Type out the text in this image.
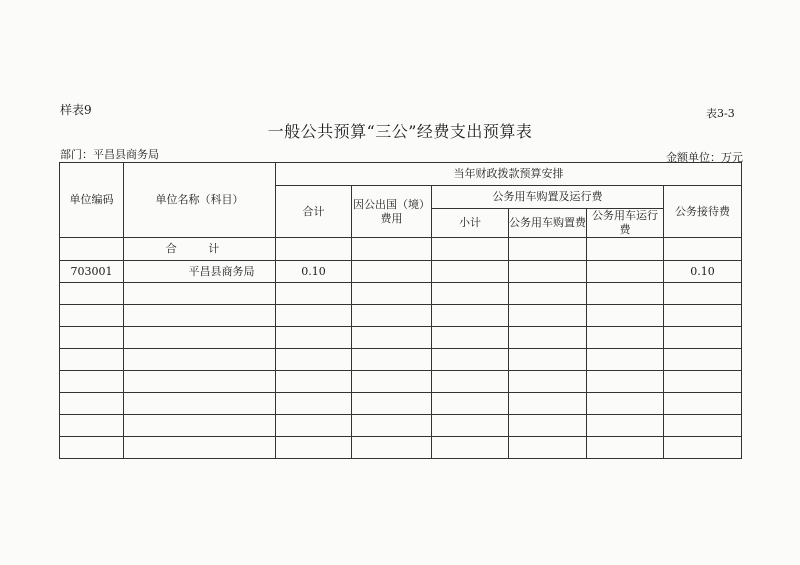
样表9	表3-3
一般公共预算“三公”经费支出预算表
部门：平昌县商务局	金额单位：万元
单位编码	单位名称（科目）	当年财政拨款预算安排					
		合计	因公出国（境）费用	公务用车购置及运行费			公务接待费
				小计	公务用车购置费	公务用车运行费	
	合 计						
703001	平昌县商务局	0.10					0.10
